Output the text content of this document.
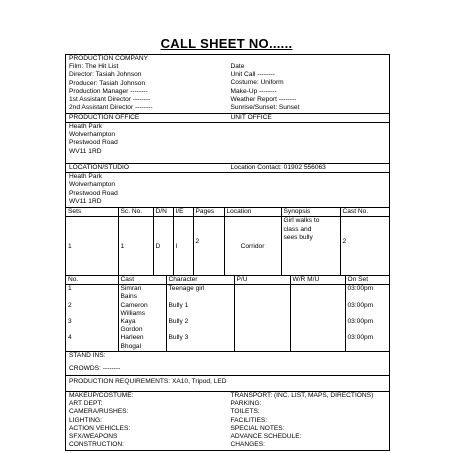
CALL SHEET NO......
PRODUCTION COMPANY
Film: The Hit List
Director: Tasiah Johnson
Producer: Tasiah Johnson
Production Manager --------
1st Assistant Director --------
2nd Assistant Director --------
Date
Unit Call --------
Costume: Uniform
Make-Up --------
Weather Report --------
Sunrise/Sunset: Sunset
PRODUCTION OFFICE	UNIT OFFICE
Heath Park
Wolverhampton
Prestwood Road
WV11 1RD
LOCATION/STUDIO	Location Contact: 01902 556063
Heath Park
Wolverhampton
Prestwood Road
WV11 1RD
Sets	Sc. No.	D/N	I/E	Pages	Location	Synopsis	Cast No.
1	1	D	I	2	Corridor	Girl walks to
class and
sees bully	2
No.	Cast	Character	P/U	W/R M/U	On Set
1	Simran
Bains	Teenage girl			03:00pm
2	Cameron
Williams	Bully 1			03:00pm
3	Kaya
Gordon	Bully 2			03:00pm
4	Harleen
Bhogal	Bully 3			03:00pm
STAND INS:
CROWDS: --------
PRODUCTION REQUIREMENTS: XA10, Tripod, LED
MAKEUP/COSTUME:
ART DEPT:
CAMERA/RUSHES:
LIGHTING:
ACTION VEHICLES:
SFX/WEAPONS
CONSTRUCTION:
TRANSPORT: (INC. LIST, MAPS, DIRECTIONS)
PARKING:
TOILETS:
FACILITIES:
SPECIAL NOTES:
ADVANCE SCHEDULE:
CHANGES:
